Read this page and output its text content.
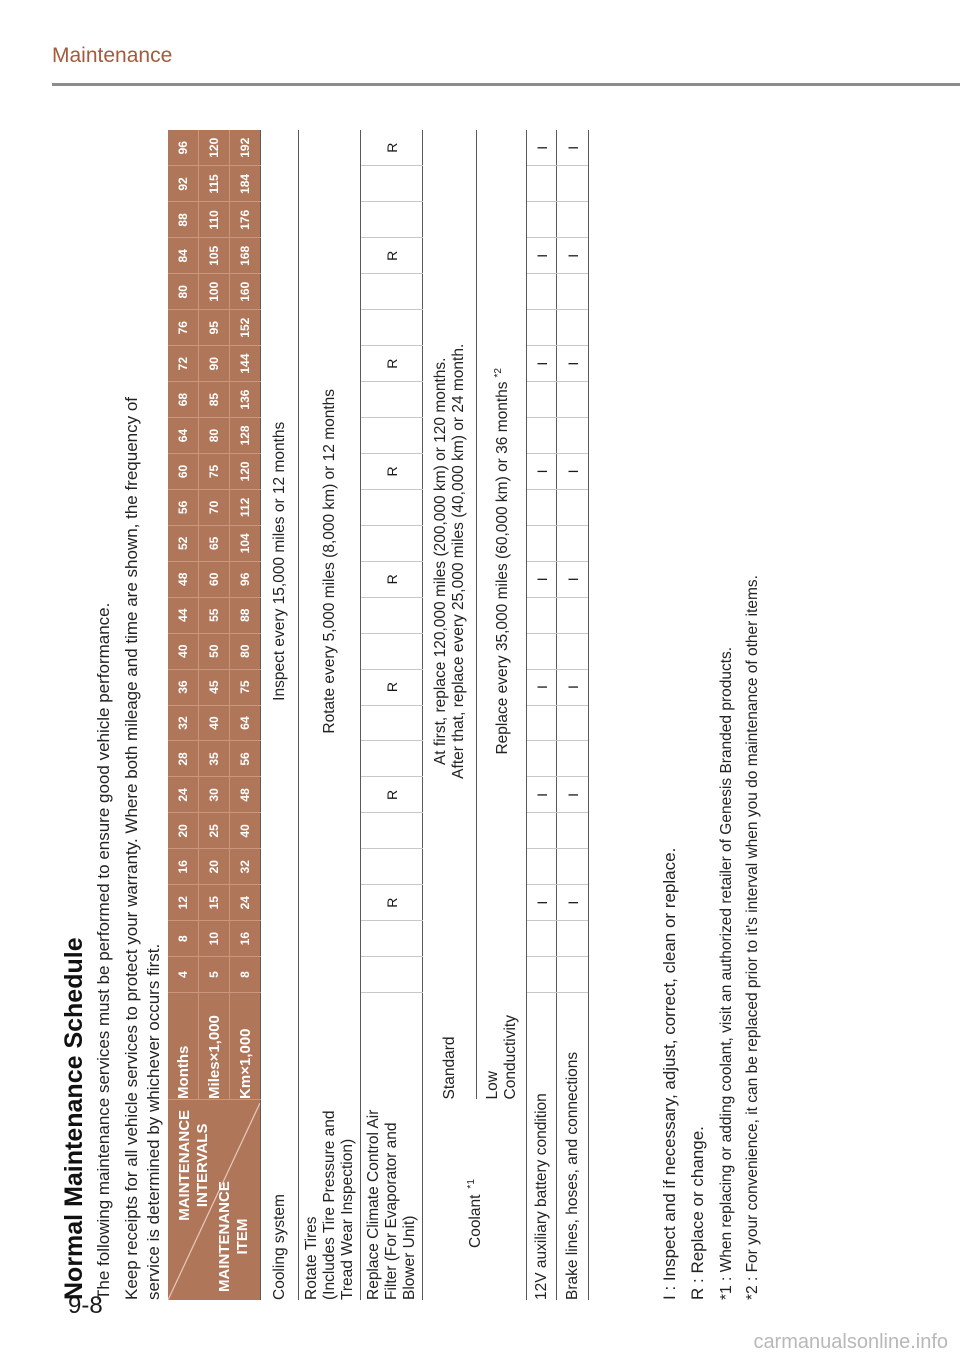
Maintenance
9-8
carmanualsonline.info
Normal Maintenance Schedule The following maintenance services must be performed to ensure good vehicle performance. Keep receipts for all vehicle services to protect your warranty. Where both mileage and time are shown, the frequency of service is determined by whichever occurs first. MAINTENANCE INTERVALS
MAINTENANCE ITEM	Months	4	8	12	16	20	24	28	32	36	40	44	48	52	56	60	64	68	72	76	80	84	88	92	96
	Miles×1,000	5	10	15	20	25	30	35	40	45	50	55	60	65	70	75	80	85	90	95	100	105	110	115	120
	Km×1,000	8	16	24	32	40	48	56	64	75	80	88	96	104	112	120	128	136	144	152	160	168	176	184	192
Cooling system		Inspect every 15,000 miles or 12 months																							

Rotate Tires (Includes Tire Pressure and Tread Wear Inspection)		Rotate every 5,000 miles (8,000 km) or 12 months																							

Replace Climate Control Air Filter (For Evaporator and Blower Unit)				R			R			R			R			R			R			R			R
Coolant$^{*1}$	Standard	At first, replace 120,000 miles (200,000 km) or 120 months. After that, replace every 25,000 miles (40,000 km) or 24 month.																							

	Low Conductivity	Replace every 35,000 miles (60,000 km) or 36 months$^{*2}$
12V auxiliary battery condition				I			I			I			I			I			I			I			I
Brake lines, hoses, and connections				I			I			I			I			I			I			I			I
I : Inspect and if necessary, adjust, correct, clean or replace. R : Replace or change. *1 : When replacing or adding coolant, visit an authorized retailer of Genesis Branded products.
*2 : For your convenience, it can be replaced prior to it's interval when you do maintenance of other items.
